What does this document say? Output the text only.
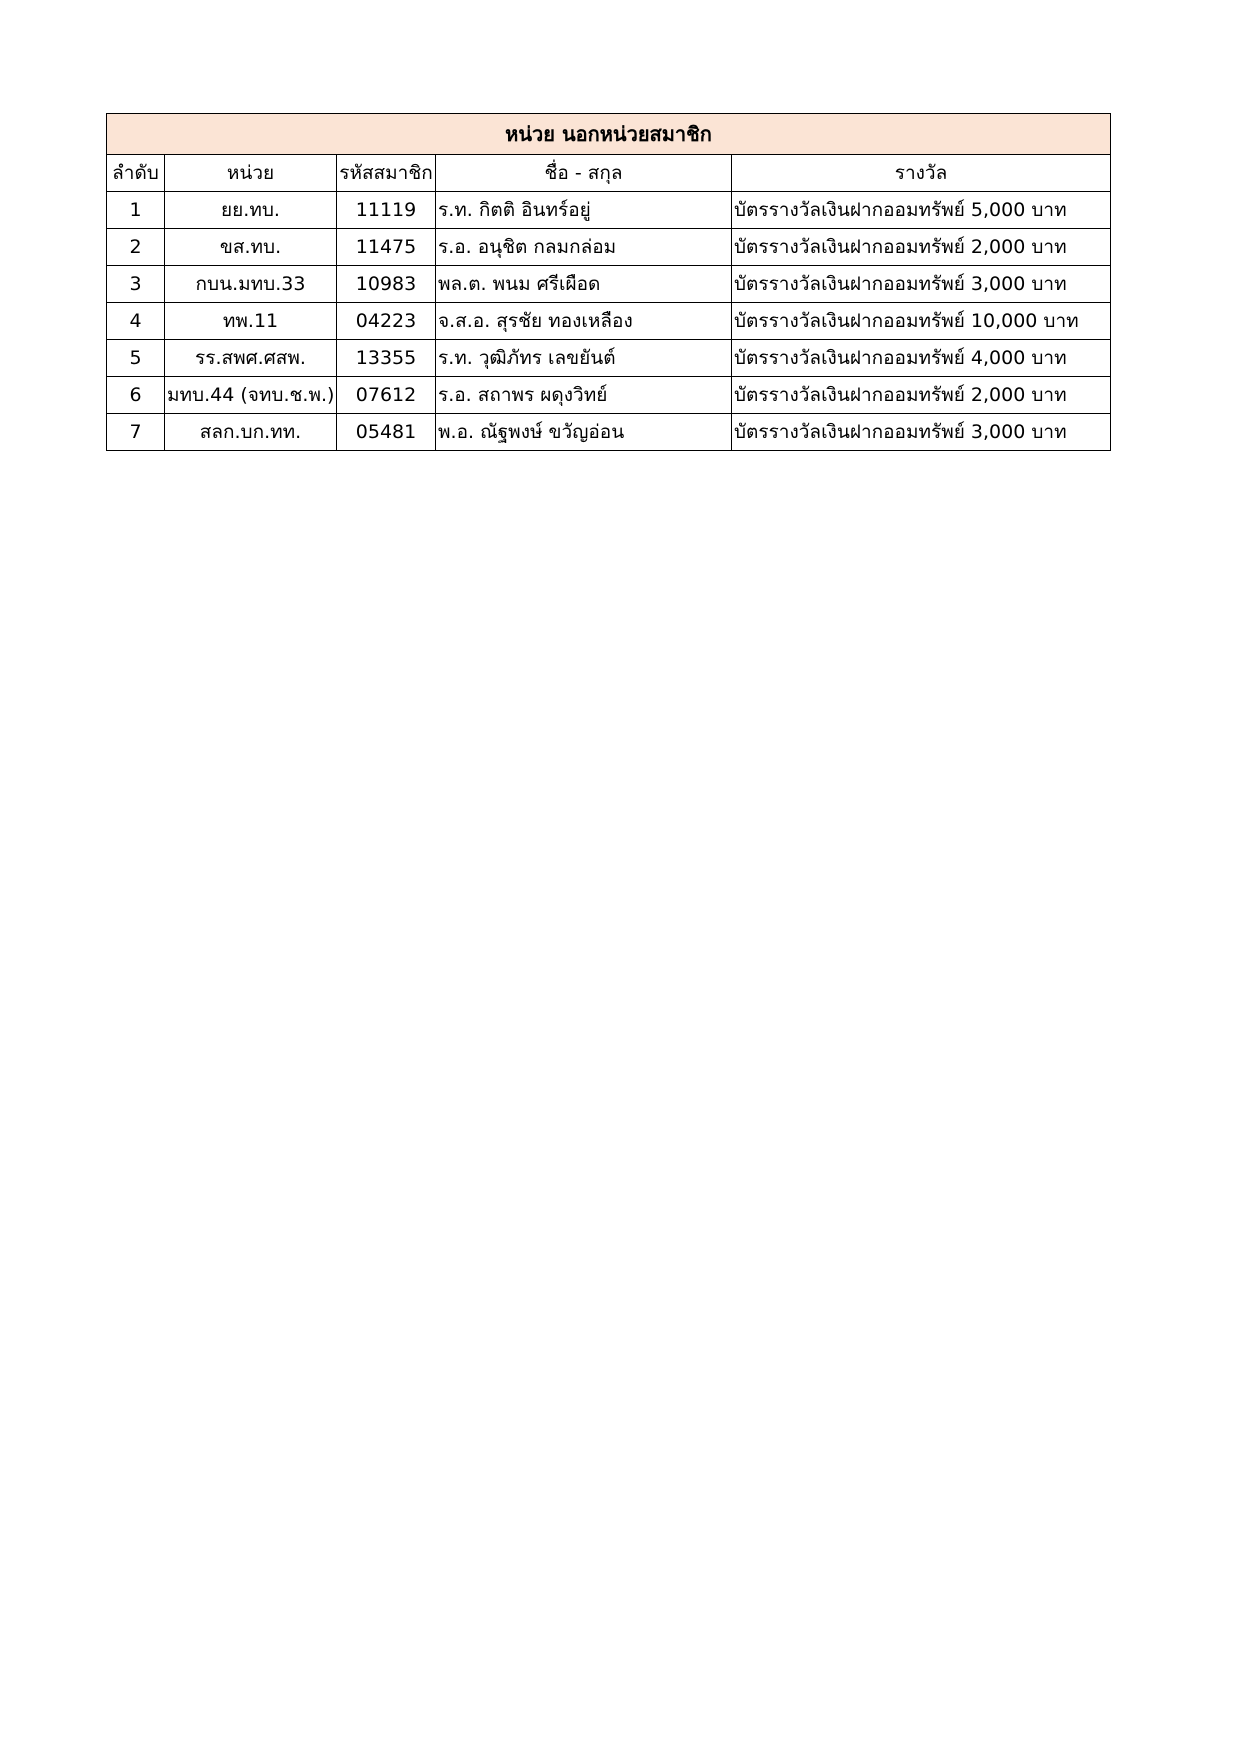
หน่วย นอกหน่วยสมาชิก				
ลำดับ	หน่วย	รหัสสมาชิก	ชื่อ - สกุล	รางวัล
1	ยย.ทบ.	11119	ร.ท. กิตติ อินทร์อยู่	บัตรรางวัลเงินฝากออมทรัพย์ 5,000 บาท
2	ขส.ทบ.	11475	ร.อ. อนุชิต กลมกล่อม	บัตรรางวัลเงินฝากออมทรัพย์ 2,000 บาท
3	กบน.มทบ.33	10983	พล.ต. พนม ศรีเผือด	บัตรรางวัลเงินฝากออมทรัพย์ 3,000 บาท
4	ทพ.11	04223	จ.ส.อ. สุรชัย ทองเหลือง	บัตรรางวัลเงินฝากออมทรัพย์ 10,000 บาท
5	รร.สพศ.ศสพ.	13355	ร.ท. วุฒิภัทร เลขยันต์	บัตรรางวัลเงินฝากออมทรัพย์ 4,000 บาท
6	มทบ.44 (จทบ.ช.พ.)	07612	ร.อ. สถาพร ผดุงวิทย์	บัตรรางวัลเงินฝากออมทรัพย์ 2,000 บาท
7	สลก.บก.ทท.	05481	พ.อ. ณัฐพงษ์ ขวัญอ่อน	บัตรรางวัลเงินฝากออมทรัพย์ 3,000 บาท
